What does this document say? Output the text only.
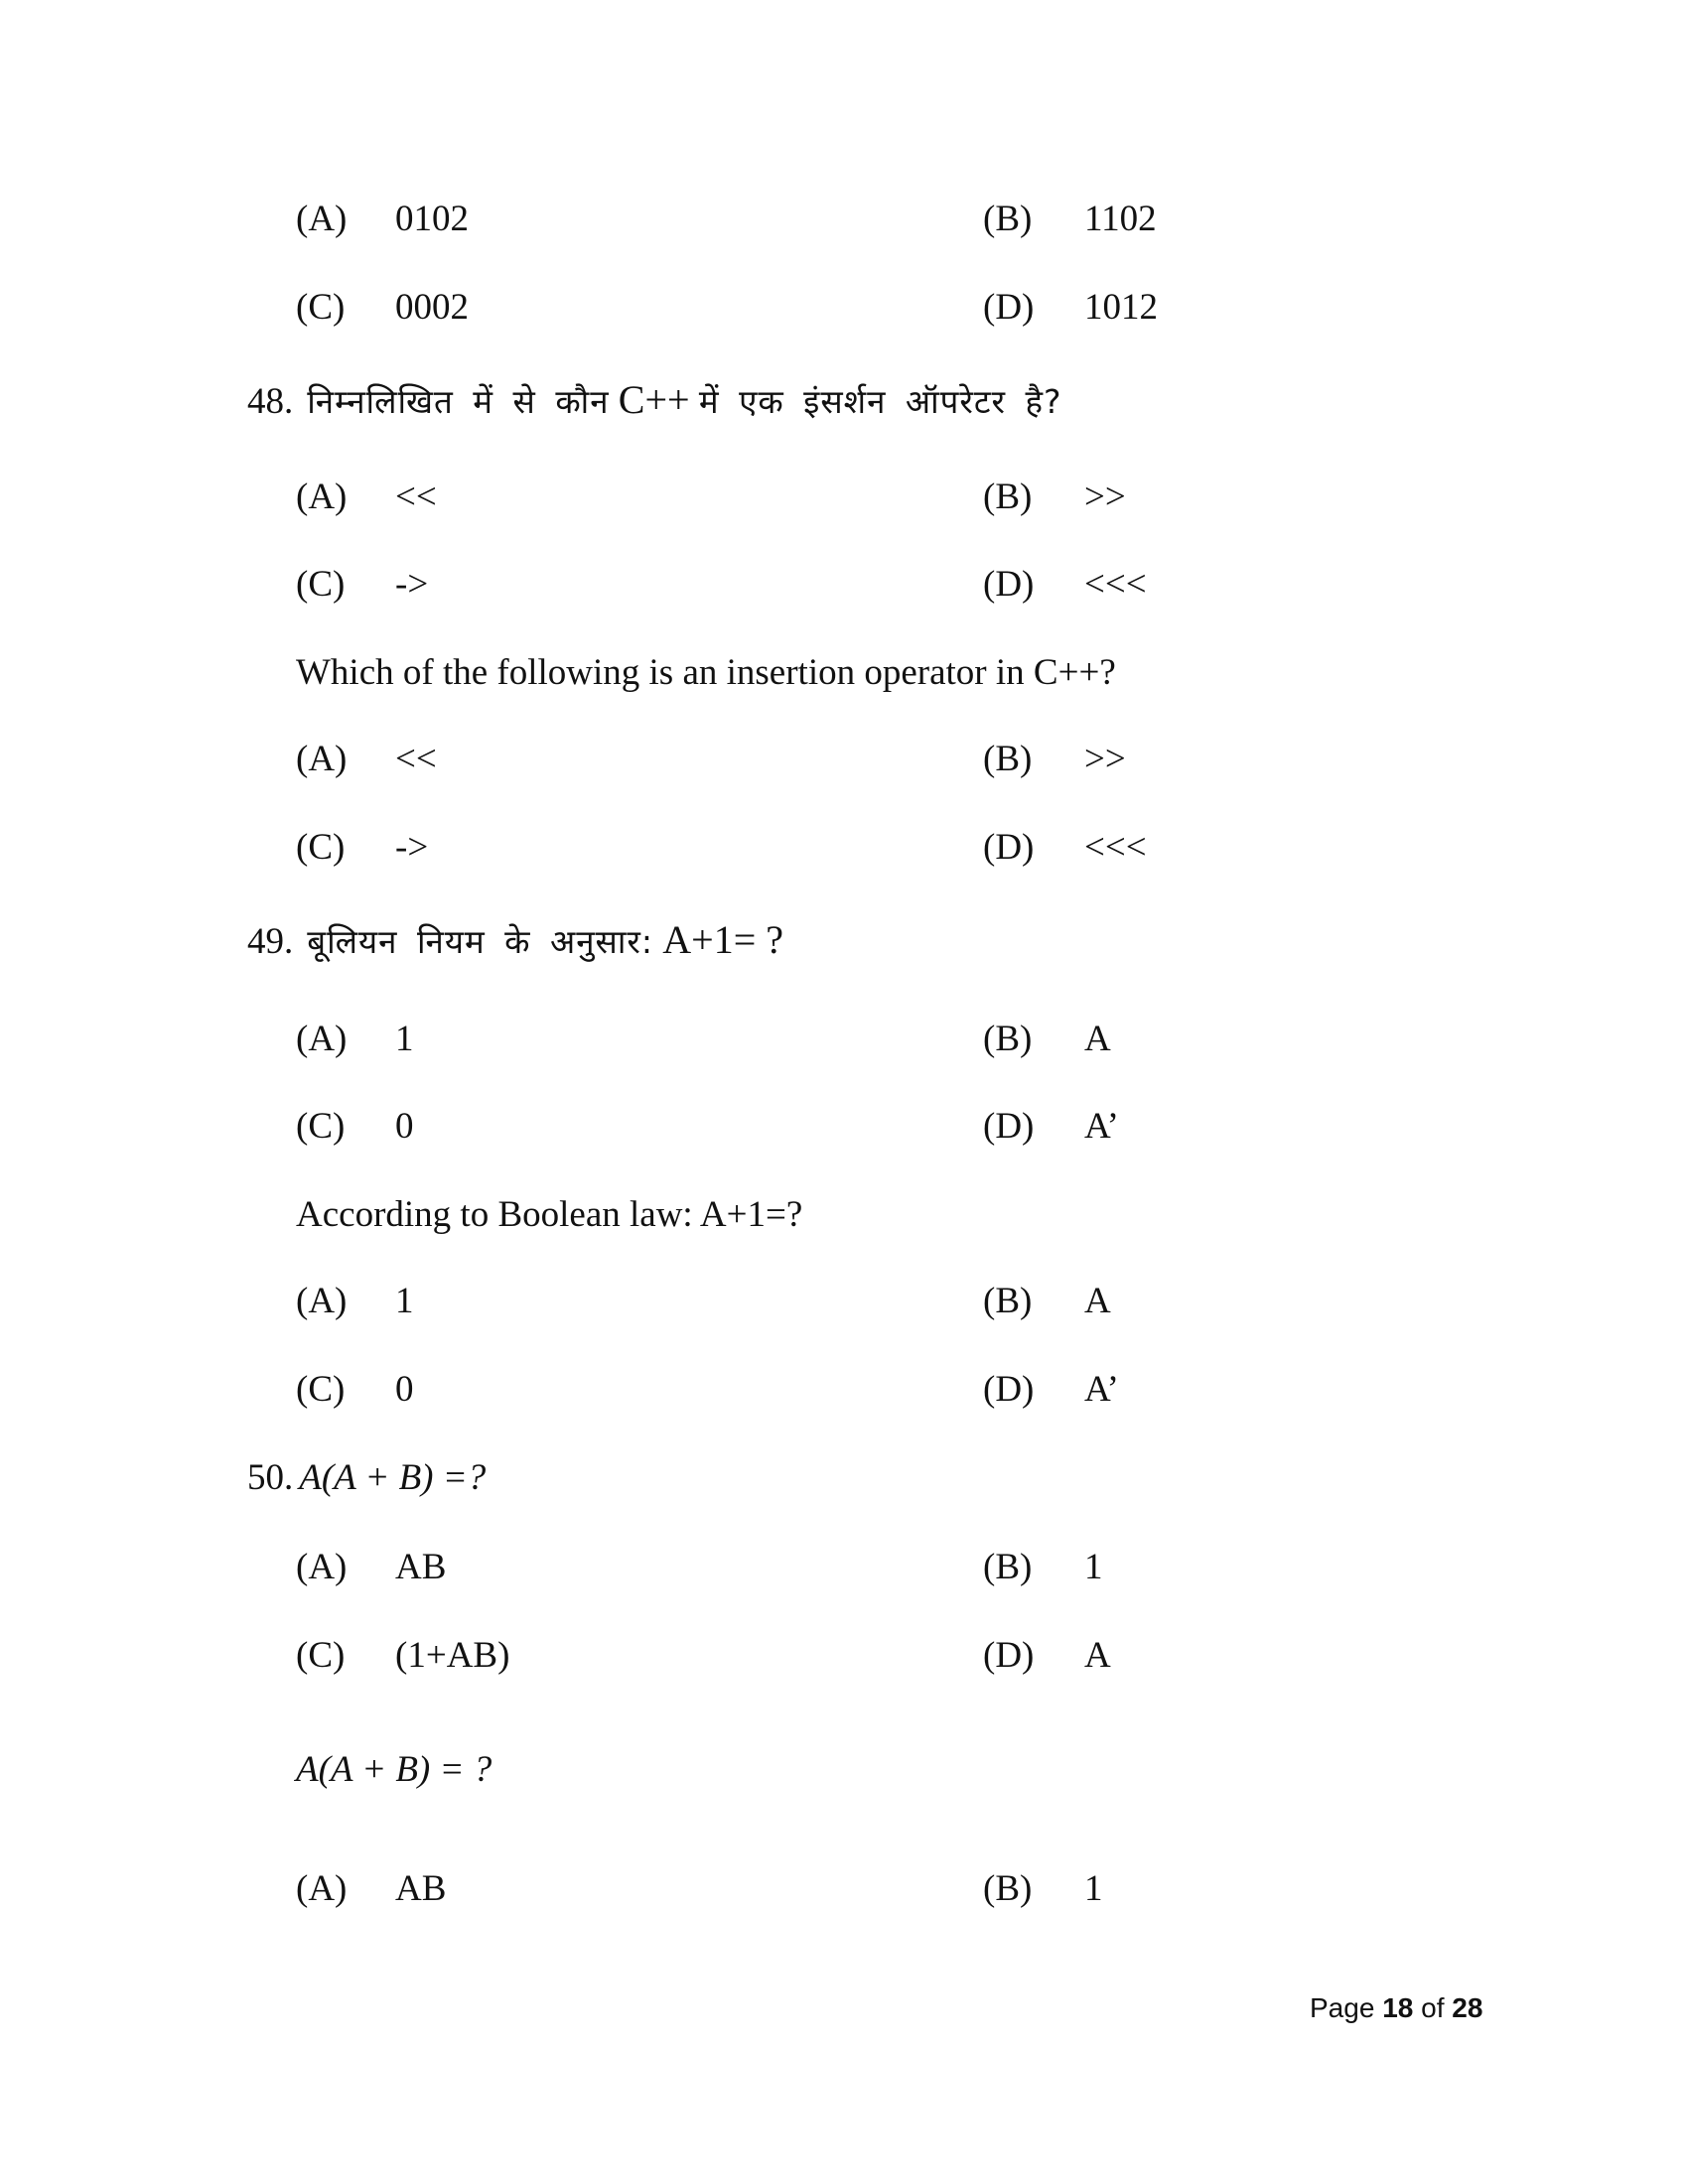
(A) 0102	(B) 1102
(C) 0002	(D) 1012
48. निम्नलिखित में से कौन C++ में एक इंसर्शन ऑपरेटर है?
(A) <<	(B) >>
(C) ->	(D) <<<
Which of the following is an insertion operator in C++?
(A) <<	(B) >>
(C) ->	(D) <<<
49. बूलियन नियम के अनुसार: A+1= ?
(A) 1	(B) A
(C) 0	(D) A’
According to Boolean law: A+1=?
(A) 1	(B) A
(C) 0	(D) A’
50. A(A + B) =?
(A) AB	(B) 1
(C) (1+AB)	(D) A
A(A + B) = ?
(A) AB	(B) 1
Page 18 of 28
